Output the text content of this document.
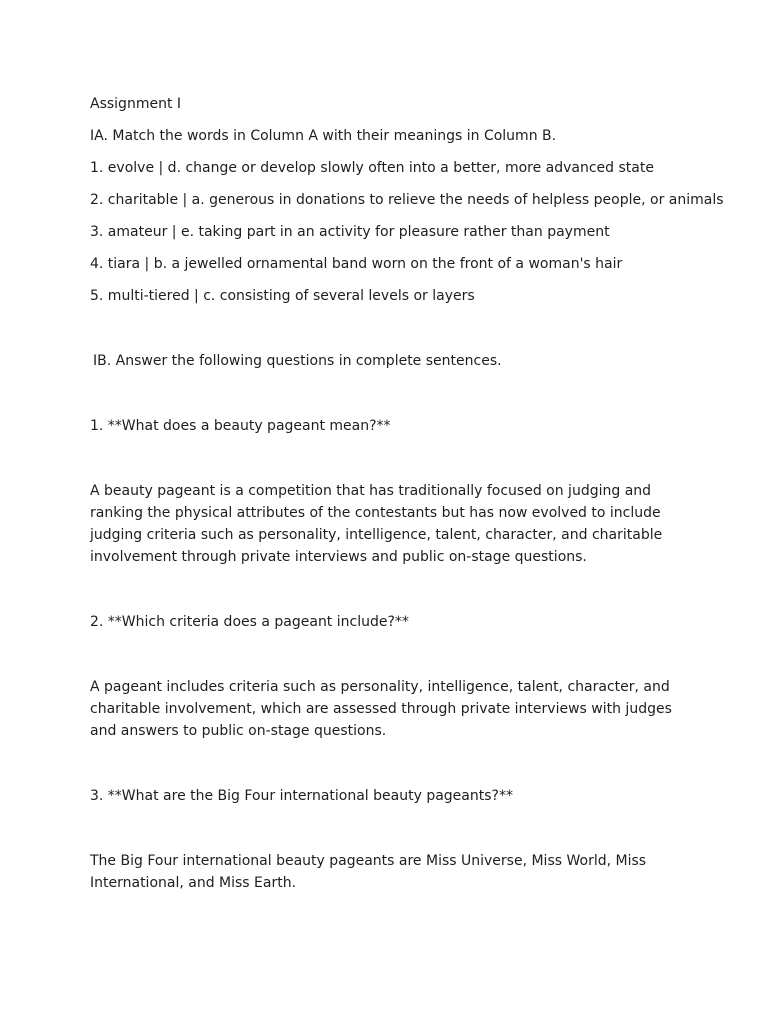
Assignment I

IA. Match the words in Column A with their meanings in Column B.

1. evolve | d. change or develop slowly often into a better, more advanced state

2. charitable | a. generous in donations to relieve the needs of helpless people, or animals

3. amateur | e. taking part in an activity for pleasure rather than payment

4. tiara | b. a jewelled ornamental band worn on the front of a woman's hair

5. multi-tiered | c. consisting of several levels or layers

IB. Answer the following questions in complete sentences.

1. **What does a beauty pageant mean?**

A beauty pageant is a competition that has traditionally focused on judging and ranking the physical attributes of the contestants but has now evolved to include judging criteria such as personality, intelligence, talent, character, and charitable involvement through private interviews and public on-stage questions.

2. **Which criteria does a pageant include?**

A pageant includes criteria such as personality, intelligence, talent, character, and charitable involvement, which are assessed through private interviews with judges and answers to public on-stage questions.

3. **What are the Big Four international beauty pageants?**

The Big Four international beauty pageants are Miss Universe, Miss World, Miss International, and Miss Earth.
